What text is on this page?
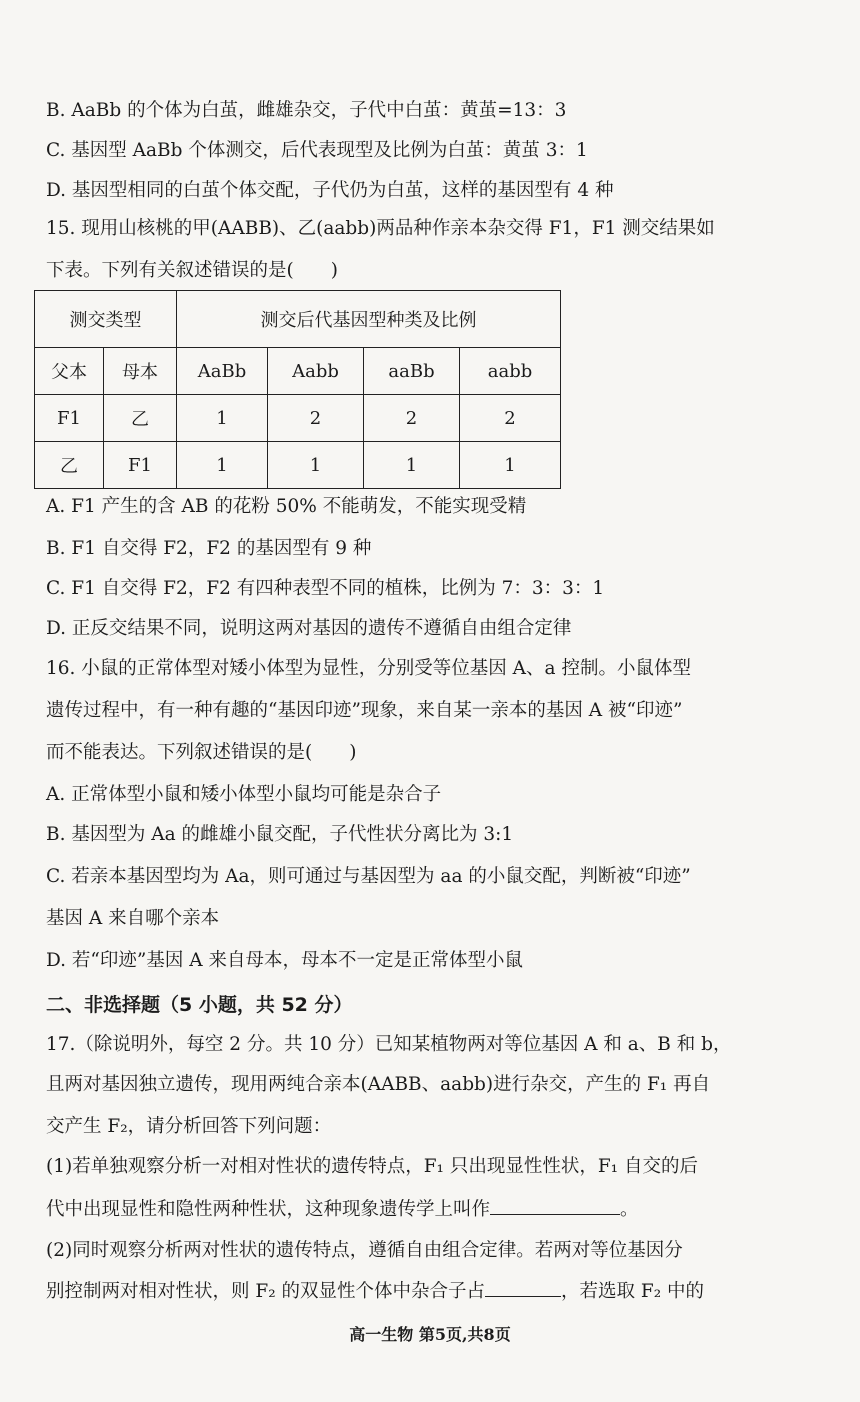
B. AaBb 的个体为白茧，雌雄杂交，子代中白茧：黄茧=13：3
C. 基因型 AaBb 个体测交，后代表现型及比例为白茧：黄茧 3：1
D. 基因型相同的白茧个体交配，子代仍为白茧，这样的基因型有 4 种
15. 现用山核桃的甲(AABB)、乙(aabb)两品种作亲本杂交得 F1，F1 测交结果如
下表。下列有关叙述错误的是(　　)
测交类型		测交后代基因型种类及比例			
父本	母本	AaBb	Aabb	aaBb	aabb
F1	乙	1	2	2	2
乙	F1	1	1	1	1
A. F1 产生的含 AB 的花粉 50% 不能萌发，不能实现受精
B. F1 自交得 F2，F2 的基因型有 9 种
C. F1 自交得 F2，F2 有四种表型不同的植株，比例为 7：3：3：1
D. 正反交结果不同，说明这两对基因的遗传不遵循自由组合定律
16. 小鼠的正常体型对矮小体型为显性，分别受等位基因 A、a 控制。小鼠体型
遗传过程中，有一种有趣的“基因印迹”现象，来自某一亲本的基因 A 被“印迹”
而不能表达。下列叙述错误的是(　　)
A. 正常体型小鼠和矮小体型小鼠均可能是杂合子
B. 基因型为 Aa 的雌雄小鼠交配，子代性状分离比为 3:1
C. 若亲本基因型均为 Aa，则可通过与基因型为 aa 的小鼠交配，判断被“印迹”
基因 A 来自哪个亲本
D. 若“印迹”基因 A 来自母本，母本不一定是正常体型小鼠
二、非选择题（5 小题，共 52 分）
17.（除说明外，每空 2 分。共 10 分）已知某植物两对等位基因 A 和 a、B 和 b，
且两对基因独立遗传，现用两纯合亲本(AABB、aabb)进行杂交，产生的 F₁ 再自
交产生 F₂，请分析回答下列问题：
(1)若单独观察分析一对相对性状的遗传特点，F₁ 只出现显性性状，F₁ 自交的后
代中出现显性和隐性两种性状，这种现象遗传学上叫作	。
(2)同时观察分析两对性状的遗传特点，遵循自由组合定律。若两对等位基因分
别控制两对相对性状，则 F₂ 的双显性个体中杂合子占	，若选取 F₂ 中的
高一生物 第5页,共8页
